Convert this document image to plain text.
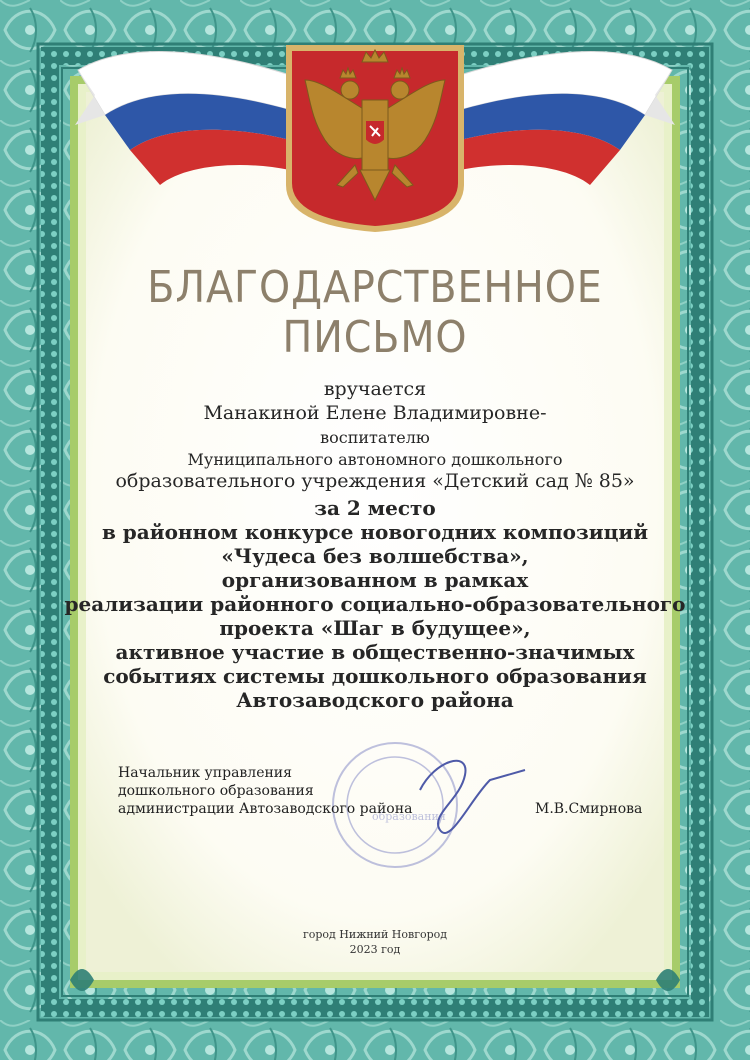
БЛАГОДАРСТВЕННОЕ
ПИСЬМО
вручается
Манакиной Елене Владимировне-
воспитателю
Муниципального автономного дошкольного
образовательного учреждения «Детский сад № 85»
за 2 место
в районном конкурсе новогодних композиций
«Чудеса без волшебства»,
организованном в рамках
реализации районного социально-образовательного
проекта «Шаг в будущее»,
активное участие в общественно-значимых
событиях системы дошкольного образования
Автозаводского района
образования
Начальник управления
дошкольного образования
администрации Автозаводского района	М.В.Смирнова
город Нижний Новгород
2023 год
